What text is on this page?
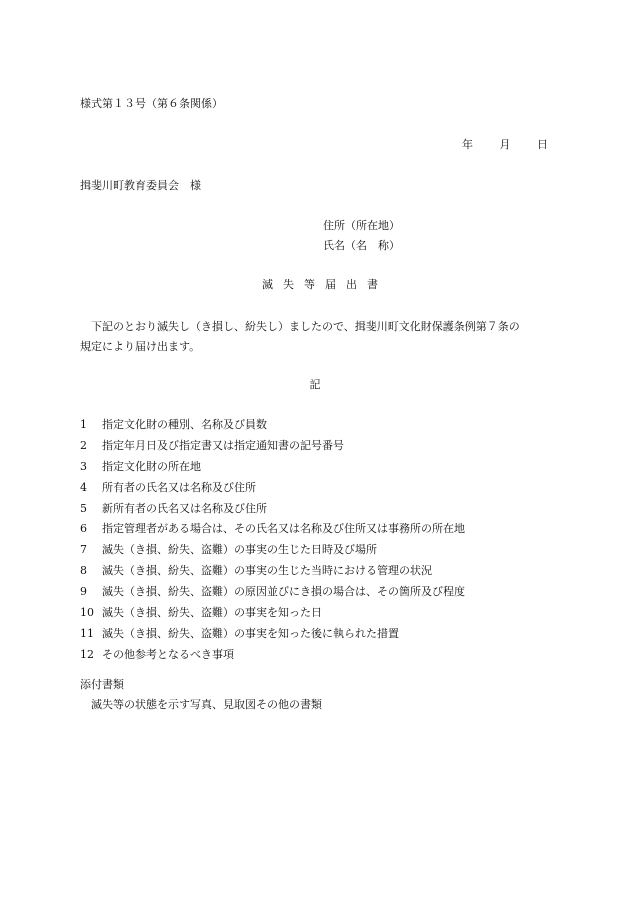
様式第１３号（第６条関係）
年 月 日
揖斐川町教育委員会　様
住所（所在地）
氏名（名　称）
滅失等届出書
下記のとおり滅失し（き損し、紛失し）ましたので、揖斐川町文化財保護条例第７条の
規定により届け出ます。
記
1	指定文化財の種別、名称及び員数
2	指定年月日及び指定書又は指定通知書の記号番号
3	指定文化財の所在地
4	所有者の氏名又は名称及び住所
5	新所有者の氏名又は名称及び住所
6	指定管理者がある場合は、その氏名又は名称及び住所又は事務所の所在地
7	滅失（き損、紛失、盗難）の事実の生じた日時及び場所
8	滅失（き損、紛失、盗難）の事実の生じた当時における管理の状況
9	滅失（き損、紛失、盗難）の原因並びにき損の場合は、その箇所及び程度
10 滅失（き損、紛失、盗難）の事実を知った日
11 滅失（き損、紛失、盗難）の事実を知った後に執られた措置
12 その他参考となるべき事項
添付書類
滅失等の状態を示す写真、見取図その他の書類
